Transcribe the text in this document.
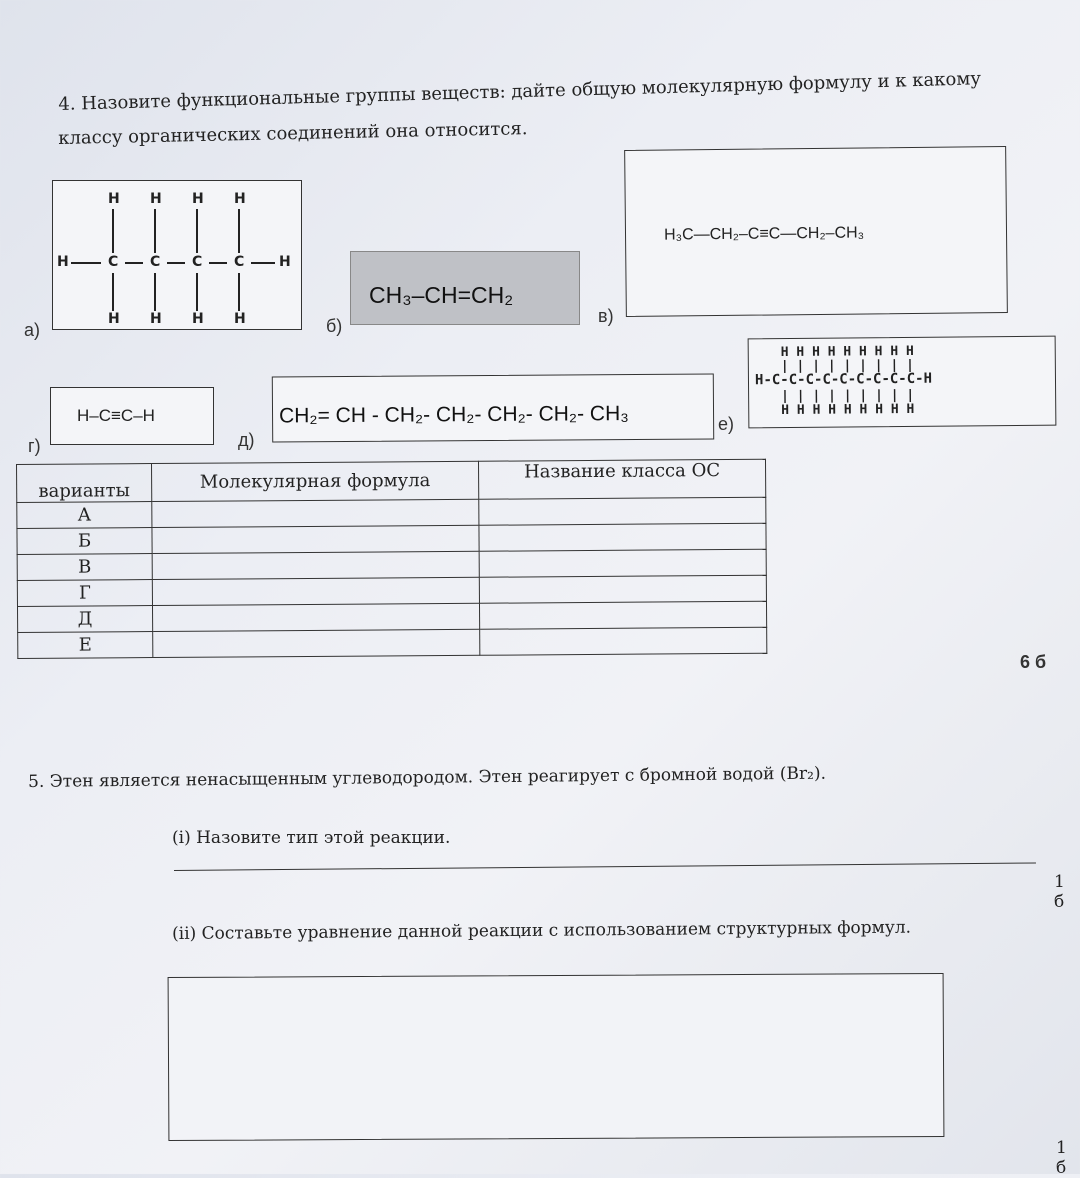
4. Назовите функциональные группы веществ: дайте общую молекулярную формулу и к какому
классу органических соединений она относится.
H H H H
H	C C C C H
H H H H
а)
CH₃–CH=CH₂
б)
H₃C—CH₂–C≡C—CH₂–CH₃
в)
H–C≡C–H
г)
CH₂= CH - CH₂- CH₂- CH₂- CH₂- CH₃
д)
H H H H H H H H H
| | | | | | | | |
H-C-C-C-C-C-C-C-C-C-H
| | | | | | | | |
H H H H H H H H H
е)
варианты	Молекулярная формула	Название класса ОС
А		
Б		
В		
Г		
Д		
Е		
6 б
5. Этен является ненасыщенным углеводородом. Этен реагирует с бромной водой (Br₂).
(i) Назовите тип этой реакции.
1 б
(ii) Составьте уравнение данной реакции с использованием структурных формул.
1 б
